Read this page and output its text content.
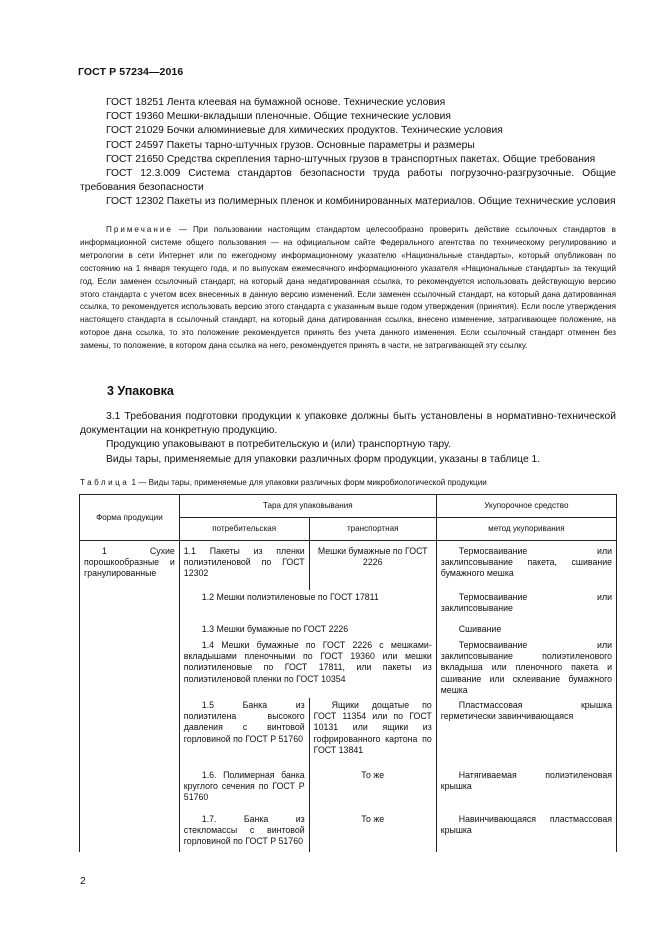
ГОСТ Р 57234—2016

ГОСТ 18251 Лента клеевая на бумажной основе. Технические условия

ГОСТ 19360 Мешки-вкладыши пленочные. Общие технические условия

ГОСТ 21029 Бочки алюминиевые для химических продуктов. Технические условия

ГОСТ 24597 Пакеты тарно-штучных грузов. Основные параметры и размеры

ГОСТ 21650 Средства скрепления тарно-штучных грузов в транспортных пакетах. Общие требования

ГОСТ 12.3.009 Система стандартов безопасности труда работы погрузочно-разгрузочные. Общие требования безопасности

ГОСТ 12302 Пакеты из полимерных пленок и комбинированных материалов. Общие технические условия

Примечание — При пользовании настоящим стандартом целесообразно проверить действие ссылочных стандартов в информационной системе общего пользования — на официальном сайте Федерального агентства по техническому регулированию и метрологии в сети Интернет или по ежегодному информационному указателю «Национальные стандарты», который опубликован по состоянию на 1 января текущего года, и по выпускам ежемесячного информационного указателя «Национальные стандарты» за текущий год. Если заменен ссылочный стандарт, на который дана недатированная ссылка, то рекомендуется использовать действующую версию этого стандарта с учетом всех внесенных в данную версию изменений. Если заменен ссылочный стандарт, на который дана датированная ссылка, то рекомендуется использовать версию этого стандарта с указанным выше годом утверждения (принятия). Если после утверждения настоящего стандарта в ссылочный стандарт, на который дана датированная ссылка, внесено изменение, затрагивающее положение, на которое дана ссылка, то это положение рекомендуется принять без учета данного изменения. Если ссылочный стандарт отменен без замены, то положение, в котором дана ссылка на него, рекомендуется принять в части, не затрагивающей эту ссылку.

3 Упаковка

3.1 Требования подготовки продукции к упаковке должны быть установлены в нормативно-технической документации на конкретную продукцию.

Продукцию упаковывают в потребительскую и (или) транспортную тару.

Виды тары, применяемые для упаковки различных форм продукции, указаны в таблице 1.

Таблица 1 — Виды тары, применяемые для упаковки различных форм микробиологической продукции
Форма продукции	Тара для упаковывания		Укупорочное средство
	потребительская	транспортная	метод укупоривания
1 Сухие порошкообразные и гранулированные	1.1 Пакеты из пленки полиэтиленовой по ГОСТ 12302	Мешки бумажные по ГОСТ 2226	Термосваивание или заклипсовывание пакета, сшивание бумажного мешка
	1.2 Мешки полиэтиленовые по ГОСТ 17811		Термосваивание или заклипсовывание
	1.3 Мешки бумажные по ГОСТ 2226		Сшивание
	1.4 Мешки бумажные по ГОСТ 2226 с мешками-вкладышами пленочными по ГОСТ 19360 или мешки полиэтиленовые по ГОСТ 17811, или пакеты из полиэтиленовой пленки по ГОСТ 10354		Термосваивание или заклипсовывание полиэтиленового вкладыша или пленочного пакета и сшивание или склеивание бумажного мешка
	1.5 Банка из полиэтилена высокого давления с винтовой горловиной по ГОСТ Р 51760	Ящики дощатые по ГОСТ 11354 или по ГОСТ 10131 или ящики из гофрированного картона по ГОСТ 13841	Пластмассовая крышка герметически завинчивающаяся
	1.6. Полимерная банка круглого сечения по ГОСТ Р 51760	То же	Натягиваемая полиэтиленовая крышка
	1.7. Банка из стекломассы с винтовой горловиной по ГОСТ Р 51760	То же	Навинчивающаяся пластмассовая крышка
2
